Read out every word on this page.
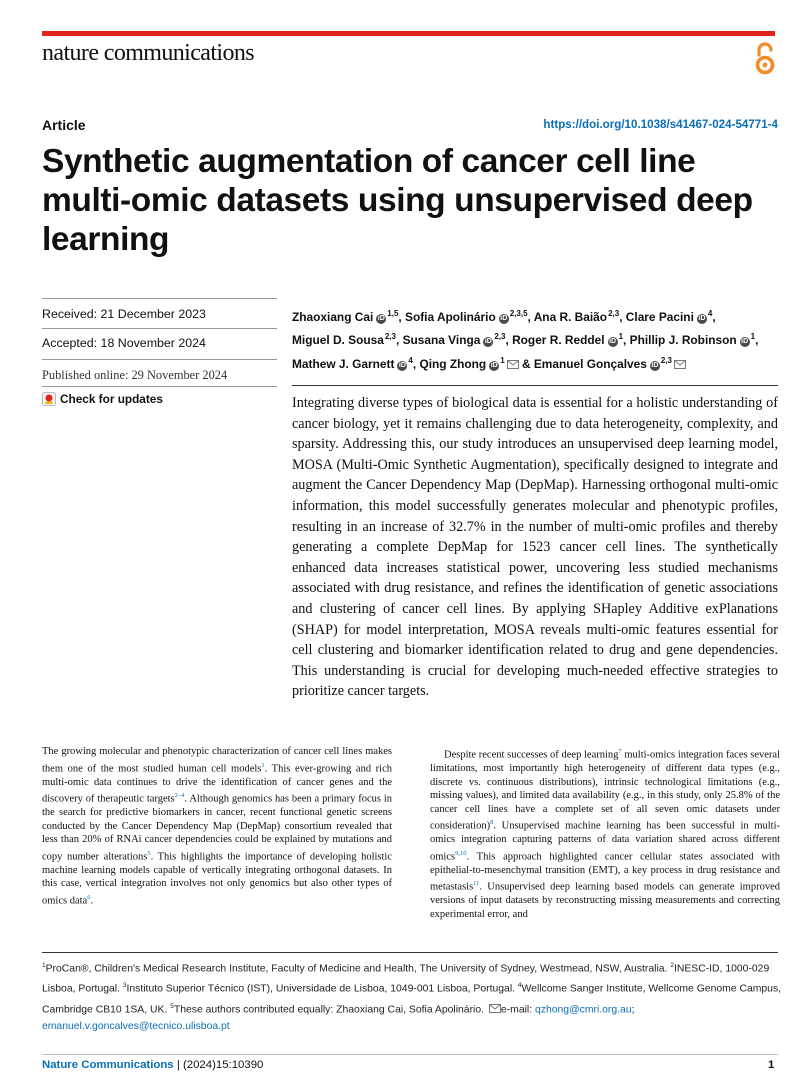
nature communications
Article	https://doi.org/10.1038/s41467-024-54771-4
Synthetic augmentation of cancer cell line multi-omic datasets using unsupervised deep learning
Received: 21 December 2023
Accepted: 18 November 2024
Published online: 29 November 2024
Check for updates
Zhaoxiang Cai iD$^{1,5}$, Sofia Apolinário iD$^{2,3,5}$, Ana R. Baião$^{2,3}$, Clare Pacini $iD^4$, Miguel D. Sousa$^{2,3}$, Susana Vinga iD$^{2,3}$, Roger R. Reddel $iD^1$, Phillip J. Robinson $iD^1$, Mathew J. Garnett $iD^4$, Qing Zhong $iD^1$ & Emanuel Gonçalves iD$^{2,3}$

Integrating diverse types of biological data is essential for a holistic understanding of cancer biology, yet it remains challenging due to data heterogeneity, complexity, and sparsity. Addressing this, our study introduces an unsupervised deep learning model, MOSA (Multi-Omic Synthetic Augmentation), specifically designed to integrate and augment the Cancer Dependency Map (DepMap). Harnessing orthogonal multi-omic information, this model successfully generates molecular and phenotypic profiles, resulting in an increase of 32.7% in the number of multi-omic profiles and thereby generating a complete DepMap for 1523 cancer cell lines. The synthetically enhanced data increases statistical power, uncovering less studied mechanisms associated with drug resistance, and refines the identification of genetic associations and clustering of cancer cell lines. By applying SHapley Additive exPlanations (SHAP) for model interpretation, MOSA reveals multi-omic features essential for cell clustering and biomarker identification related to drug and gene dependencies. This understanding is crucial for developing much-needed effective strategies to prioritize cancer targets.

The growing molecular and phenotypic characterization of cancer cell lines makes them one of the most studied human cell models$^1$. This ever-growing and rich multi-omic data continues to drive the identification of cancer genes and the discovery of therapeutic targets$^{2-4}$. Although genomics has been a primary focus in the search for predictive biomarkers in cancer, recent functional genetic screens conducted by the Cancer Dependency Map (DepMap) consortium revealed that less than 20% of RNAi cancer dependencies could be explained by mutations and copy number alterations$^5$. This highlights the importance of developing holistic machine learning models capable of vertically integrating orthogonal datasets. In this case, vertical integration involves not only genomics but also other types of omics data$^6$.

Despite recent successes of deep learning$^7$ multi-omics integration faces several limitations, most importantly high heterogeneity of different data types (e.g., discrete vs. continuous distributions), intrinsic technological limitations (e.g., missing values), and limited data availability (e.g., in this study, only 25.8% of the cancer cell lines have a complete set of all seven omic datasets under consideration)$^8$. Unsupervised machine learning has been successful in multi-omics integration capturing patterns of data variation shared across different omics$^{9,10}$. This approach highlighted cancer cellular states associated with epithelial-to-mesenchymal transition (EMT), a key process in drug resistance and metastasis$^{11}$. Unsupervised deep learning based models can generate improved versions of input datasets by reconstructing missing measurements and correcting experimental error, and

$^1$ProCan®, Children's Medical Research Institute, Faculty of Medicine and Health, The University of Sydney, Westmead, NSW, Australia. $^2$INESC-ID, 1000-029 Lisboa, Portugal. $^3$Instituto Superior Técnico (IST), Universidade de Lisboa, 1049-001 Lisboa, Portugal. $^4$Wellcome Sanger Institute, Wellcome Genome Campus, Cambridge CB10 1SA, UK. $^5$These authors contributed equally: Zhaoxiang Cai, Sofia Apolinário. e-mail: qzhong@cmri.org.au; emanuel.v.goncalves@tecnico.ulisboa.pt

Nature Communications | (2024)15:10390	1
